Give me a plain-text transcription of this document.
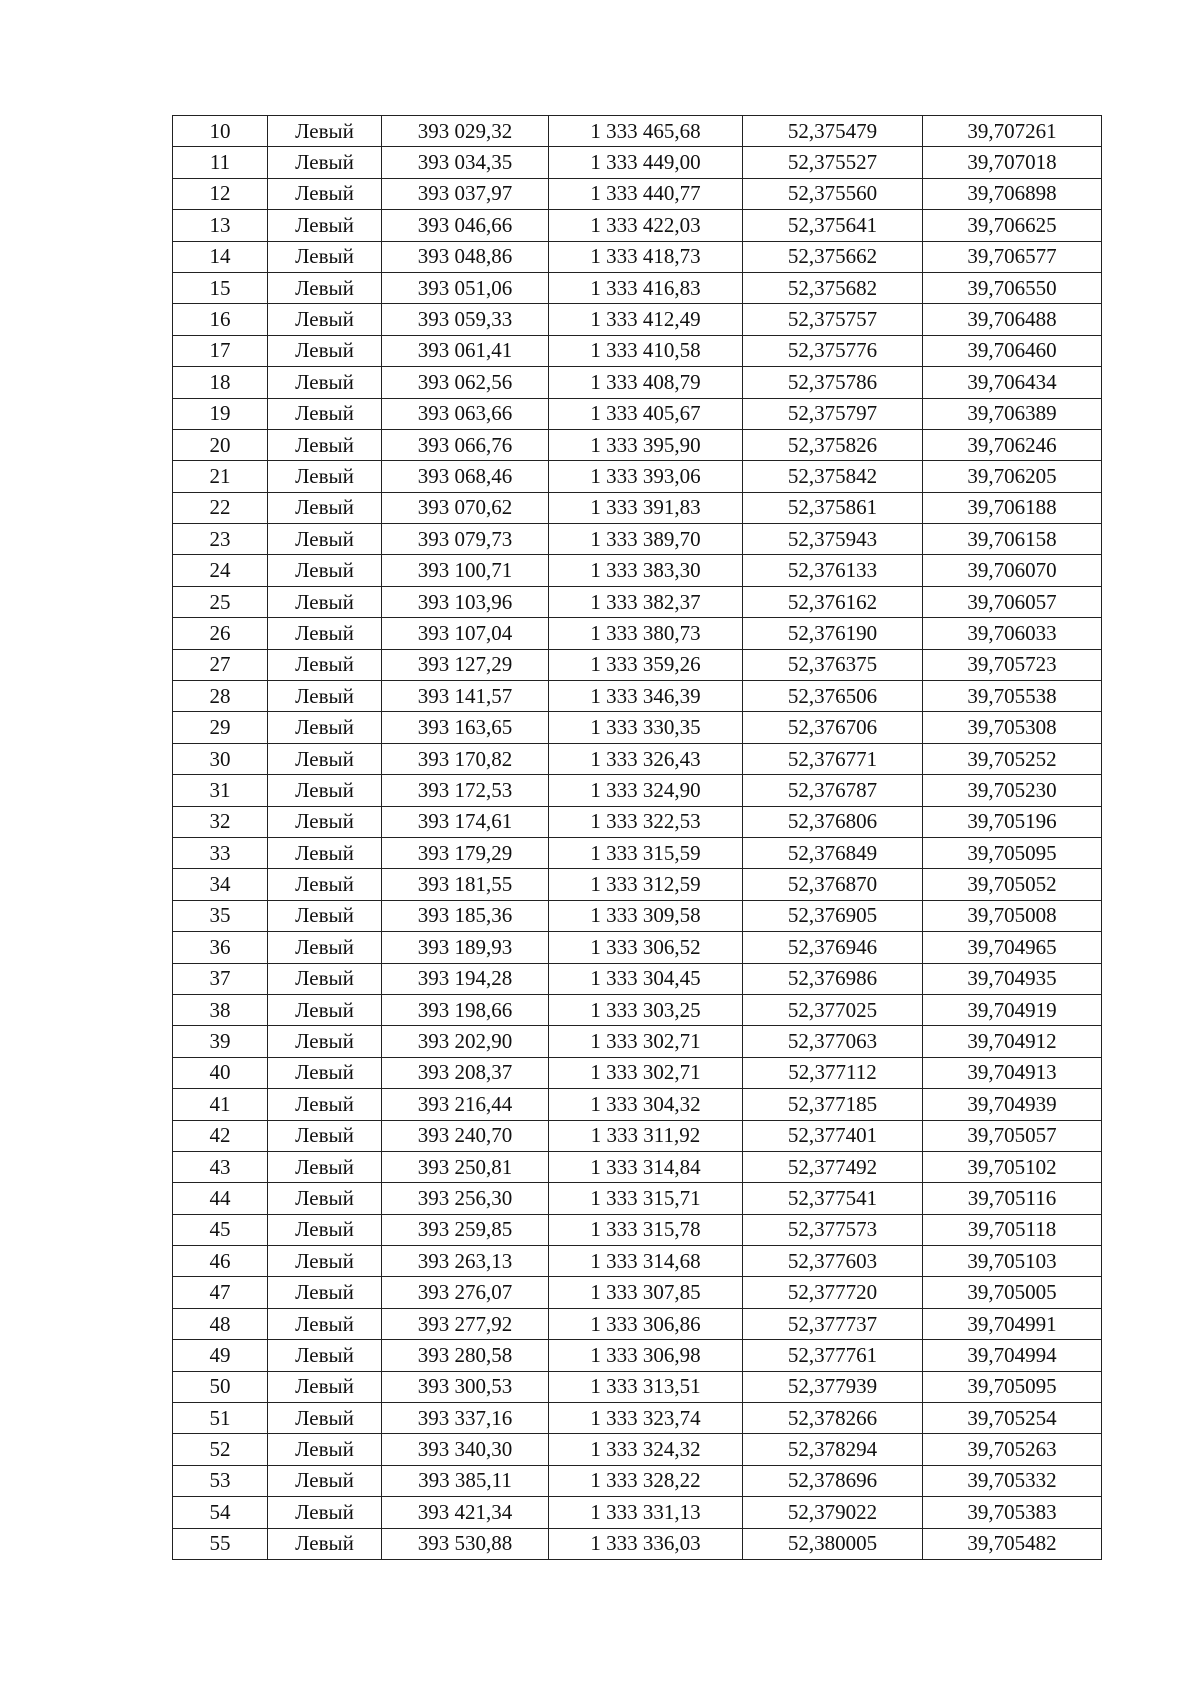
10	Левый	393 029,32	1 333 465,68	52,375479	39,707261
11	Левый	393 034,35	1 333 449,00	52,375527	39,707018
12	Левый	393 037,97	1 333 440,77	52,375560	39,706898
13	Левый	393 046,66	1 333 422,03	52,375641	39,706625
14	Левый	393 048,86	1 333 418,73	52,375662	39,706577
15	Левый	393 051,06	1 333 416,83	52,375682	39,706550
16	Левый	393 059,33	1 333 412,49	52,375757	39,706488
17	Левый	393 061,41	1 333 410,58	52,375776	39,706460
18	Левый	393 062,56	1 333 408,79	52,375786	39,706434
19	Левый	393 063,66	1 333 405,67	52,375797	39,706389
20	Левый	393 066,76	1 333 395,90	52,375826	39,706246
21	Левый	393 068,46	1 333 393,06	52,375842	39,706205
22	Левый	393 070,62	1 333 391,83	52,375861	39,706188
23	Левый	393 079,73	1 333 389,70	52,375943	39,706158
24	Левый	393 100,71	1 333 383,30	52,376133	39,706070
25	Левый	393 103,96	1 333 382,37	52,376162	39,706057
26	Левый	393 107,04	1 333 380,73	52,376190	39,706033
27	Левый	393 127,29	1 333 359,26	52,376375	39,705723
28	Левый	393 141,57	1 333 346,39	52,376506	39,705538
29	Левый	393 163,65	1 333 330,35	52,376706	39,705308
30	Левый	393 170,82	1 333 326,43	52,376771	39,705252
31	Левый	393 172,53	1 333 324,90	52,376787	39,705230
32	Левый	393 174,61	1 333 322,53	52,376806	39,705196
33	Левый	393 179,29	1 333 315,59	52,376849	39,705095
34	Левый	393 181,55	1 333 312,59	52,376870	39,705052
35	Левый	393 185,36	1 333 309,58	52,376905	39,705008
36	Левый	393 189,93	1 333 306,52	52,376946	39,704965
37	Левый	393 194,28	1 333 304,45	52,376986	39,704935
38	Левый	393 198,66	1 333 303,25	52,377025	39,704919
39	Левый	393 202,90	1 333 302,71	52,377063	39,704912
40	Левый	393 208,37	1 333 302,71	52,377112	39,704913
41	Левый	393 216,44	1 333 304,32	52,377185	39,704939
42	Левый	393 240,70	1 333 311,92	52,377401	39,705057
43	Левый	393 250,81	1 333 314,84	52,377492	39,705102
44	Левый	393 256,30	1 333 315,71	52,377541	39,705116
45	Левый	393 259,85	1 333 315,78	52,377573	39,705118
46	Левый	393 263,13	1 333 314,68	52,377603	39,705103
47	Левый	393 276,07	1 333 307,85	52,377720	39,705005
48	Левый	393 277,92	1 333 306,86	52,377737	39,704991
49	Левый	393 280,58	1 333 306,98	52,377761	39,704994
50	Левый	393 300,53	1 333 313,51	52,377939	39,705095
51	Левый	393 337,16	1 333 323,74	52,378266	39,705254
52	Левый	393 340,30	1 333 324,32	52,378294	39,705263
53	Левый	393 385,11	1 333 328,22	52,378696	39,705332
54	Левый	393 421,34	1 333 331,13	52,379022	39,705383
55	Левый	393 530,88	1 333 336,03	52,380005	39,705482
